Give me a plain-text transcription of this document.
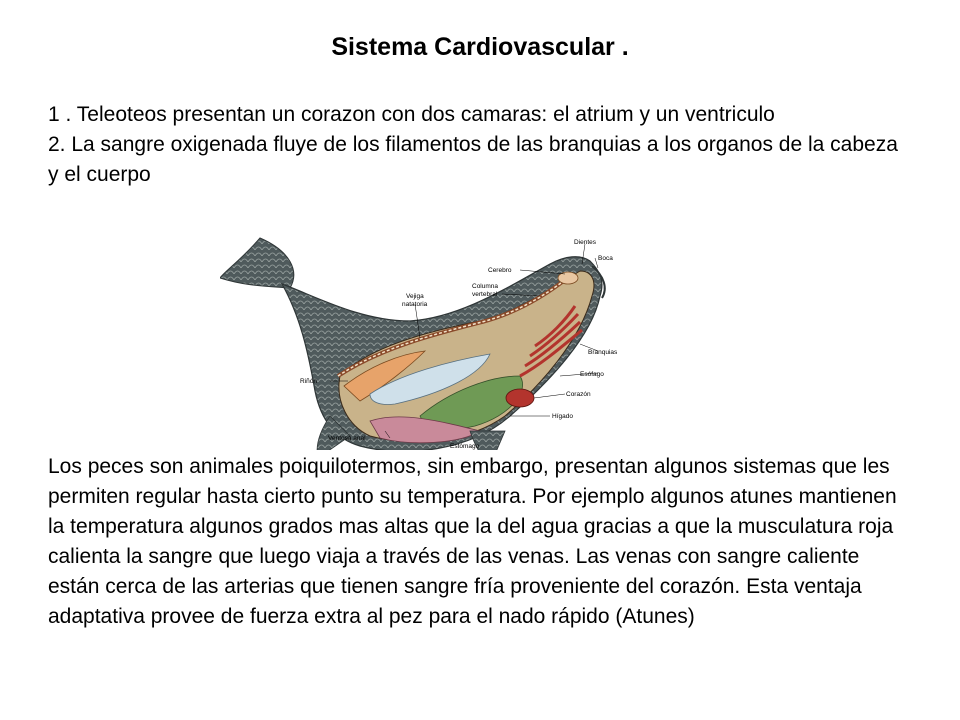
Sistema Cardiovascular .

1 . Teleoteos presentan un corazon con dos camaras: el atrium y un ventriculo

2. La sangre oxigenada fluye de los filamentos de las branquias a los organos de la cabeza y el cuerpo

Dientes
Boca
Cerebro
Columna
vertebral
Vejiga
natatoria
Branquias
Esófago
Riñón
Corazón
Hígado
Ventosa anal
Estómago

Los peces son animales poiquilotermos, sin embargo, presentan algunos sistemas que les permiten regular hasta cierto punto su temperatura. Por ejemplo algunos atunes mantienen la temperatura algunos grados mas altas que la del agua gracias a que la musculatura roja calienta la sangre que luego viaja a través de las venas. Las venas con sangre caliente están cerca de las arterias que tienen sangre fría proveniente del corazón. Esta ventaja adaptativa provee de fuerza extra al pez para el nado rápido (Atunes)
